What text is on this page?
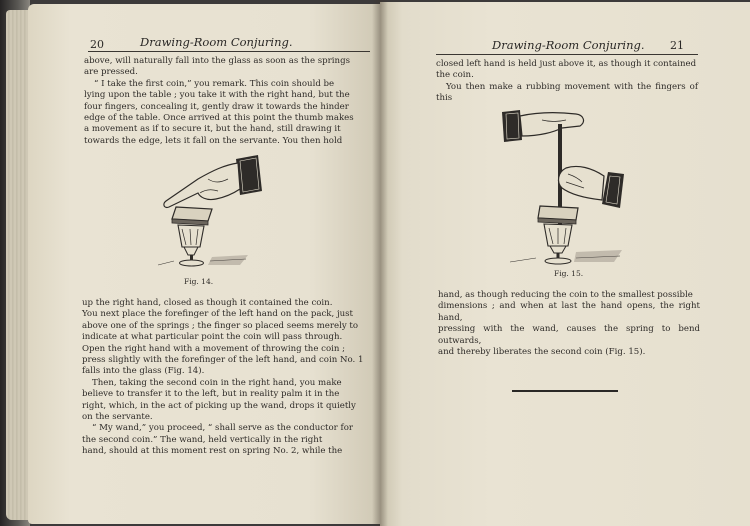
20	Drawing-Room Conjuring.

above, will naturally fall into the glass as soon as the springs

are pressed.

“ I take the first coin,” you remark. This coin should be

lying upon the table ; you take it with the right hand, but the

four fingers, concealing it, gently draw it towards the hinder

edge of the table. Once arrived at this point the thumb makes

a movement as if to secure it, but the hand, still drawing it

towards the edge, lets it fall on the servante. You then hold

Fig. 14.

up the right hand, closed as though it contained the coin.

You next place the forefinger of the left hand on the pack, just

above one of the springs ; the finger so placed seems merely to

indicate at what particular point the coin will pass through.

Open the right hand with a movement of throwing the coin ;

press slightly with the forefinger of the left hand, and coin No. 1

falls into the glass (Fig. 14).

Then, taking the second coin in the right hand, you make

believe to transfer it to the left, but in reality palm it in the

right, which, in the act of picking up the wand, drops it quietly

on the servante.

“ My wand,” you proceed, “ shall serve as the conductor for

the second coin.” The wand, held vertically in the right

hand, should at this moment rest on spring No. 2, while the

Drawing-Room Conjuring. 21

closed left hand is held just above it, as though it contained

the coin.

You then make a rubbing movement with the fingers of this

Fig. 15.

hand, as though reducing the coin to the smallest possible

dimensions ; and when at last the hand opens, the right hand,

pressing with the wand, causes the spring to bend outwards,

and thereby liberates the second coin (Fig. 15).
